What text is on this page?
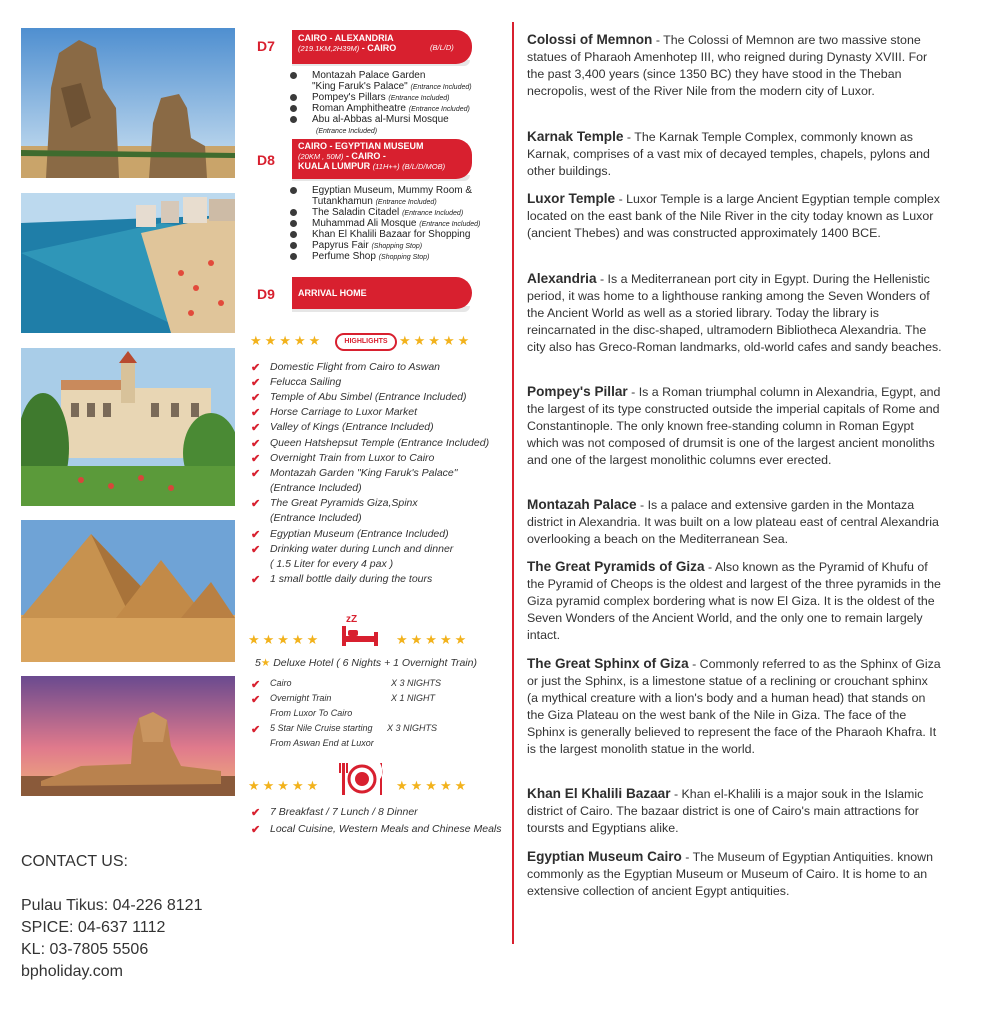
D7	CAIRO - ALEXANDRIA
(219.1KM,2H39M) - CAIRO	(B/L/D)
Montazah Palace Garden
"King Faruk's Palace" (Entrance Included)
Pompey's Pillars (Entrance Included)
Roman Amphitheatre (Entrance Included)
Abu al-Abbas al-Mursi Mosque
(Entrance Included)
D8
CAIRO - EGYPTIAN MUSEUM
(20KM , 50M) - CAIRO -
KUALA LUMPUR (11H++) (B/L/D/MOB)
Egyptian Museum, Mummy Room &
Tutankhamun (Entrance Included)
The Saladin Citadel (Entrance Included)
Muhammad Ali Mosque (Entrance Included)
Khan El Khalili Bazaar for Shopping
Papyrus Fair (Shopping Stop)
Perfume Shop (Shopping Stop)
D9	ARRIVAL HOME
★★★★★	HIGHLIGHTS ★★★★★
✔ Domestic Flight from Cairo to Aswan
✔ Felucca Sailing
✔ Temple of Abu Simbel (Entrance Included)
✔ Horse Carriage to Luxor Market
✔ Valley of Kings (Entrance Included)
✔ Queen Hatshepsut Temple (Entrance Included)
✔ Overnight Train from Luxor to Cairo
✔ Montazah Garden "King Faruk's Palace"
(Entrance Included)
✔ The Great Pyramids Giza,Spinx
(Entrance Included)
✔ Egyptian Museum (Entrance Included)
✔ Drinking water during Lunch and dinner
( 1.5 Liter for every 4 pax )
✔ 1 small bottle daily during the tours
★★★★★
zZ
★★★★★
5★ Deluxe Hotel ( 6 Nights + 1 Overnight Train)
✔ Cairo	X 3 NIGHTS
✔ Overnight Train	X 1 NIGHT
From Luxor To Cairo
✔ 5 Star Nile Cruise starting X 3 NIGHTS
From Aswan End at Luxor
★★★★★	★★★★★
✔ 7 Breakfast / 7 Lunch / 8 Dinner
✔ Local Cuisine, Western Meals and Chinese Meals
CONTACT US:
Pulau Tikus: 04-226 8121
SPICE: 04-637 1112
KL: 03-7805 5506
bpholiday.com
Colossi of Memnon - The Colossi of Memnon are two massive stone statues of Pharaoh Amenhotep III, who reigned during Dynasty XVIII. For the past 3,400 years (since 1350 BC) they have stood in the Theban necropolis, west of the River Nile from the modern city of Luxor.
Karnak Temple - The Karnak Temple Complex, commonly known as Karnak, comprises of a vast mix of decayed temples, chapels, pylons and other buildings.
Luxor Temple - Luxor Temple is a large Ancient Egyptian temple complex located on the east bank of the Nile River in the city today known as Luxor (ancient Thebes) and was constructed approximately 1400 BCE.
Alexandria - Is a Mediterranean port city in Egypt. During the Hellenistic period, it was home to a lighthouse ranking among the Seven Wonders of the Ancient World as well as a storied library. Today the library is reincarnated in the disc-shaped, ultramodern Bibliotheca Alexandria. The city also has Greco-Roman landmarks, old-world cafes and sandy beaches.
Pompey's Pillar - Is a Roman triumphal column in Alexandria, Egypt, and the largest of its type constructed outside the imperial capitals of Rome and Constantinople. The only known free-standing column in Roman Egypt which was not composed of drumsit is one of the largest ancient monoliths and one of the largest monolithic columns ever erected.
Montazah Palace - Is a palace and extensive garden in the Montaza district in Alexandria. It was built on a low plateau east of central Alexandria overlooking a beach on the Mediterranean Sea.
The Great Pyramids of Giza - Also known as the Pyramid of Khufu of the Pyramid of Cheops is the oldest and largest of the three pyramids in the Giza pyramid complex bordering what is now El Giza. It is the oldest of the Seven Wonders of the Ancient World, and the only one to remain largely intact.
The Great Sphinx of Giza - Commonly referred to as the Sphinx of Giza or just the Sphinx, is a limestone statue of a reclining or crouchant sphinx (a mythical creature with a lion's body and a human head) that stands on the Giza Plateau on the west bank of the Nile in Giza. The face of the Sphinx is generally believed to represent the face of the Pharaoh Khafra. It is the largest monolith statue in the world.
Khan El Khalili Bazaar - Khan el-Khalili is a major souk in the Islamic district of Cairo. The bazaar district is one of Cairo's main attractions for toursts and Egyptians alike.
Egyptian Museum Cairo - The Museum of Egyptian Antiquities. known commonly as the Egyptian Museum or Museum of Cairo. It is home to an extensive collection of ancient Egypt antiquities.
